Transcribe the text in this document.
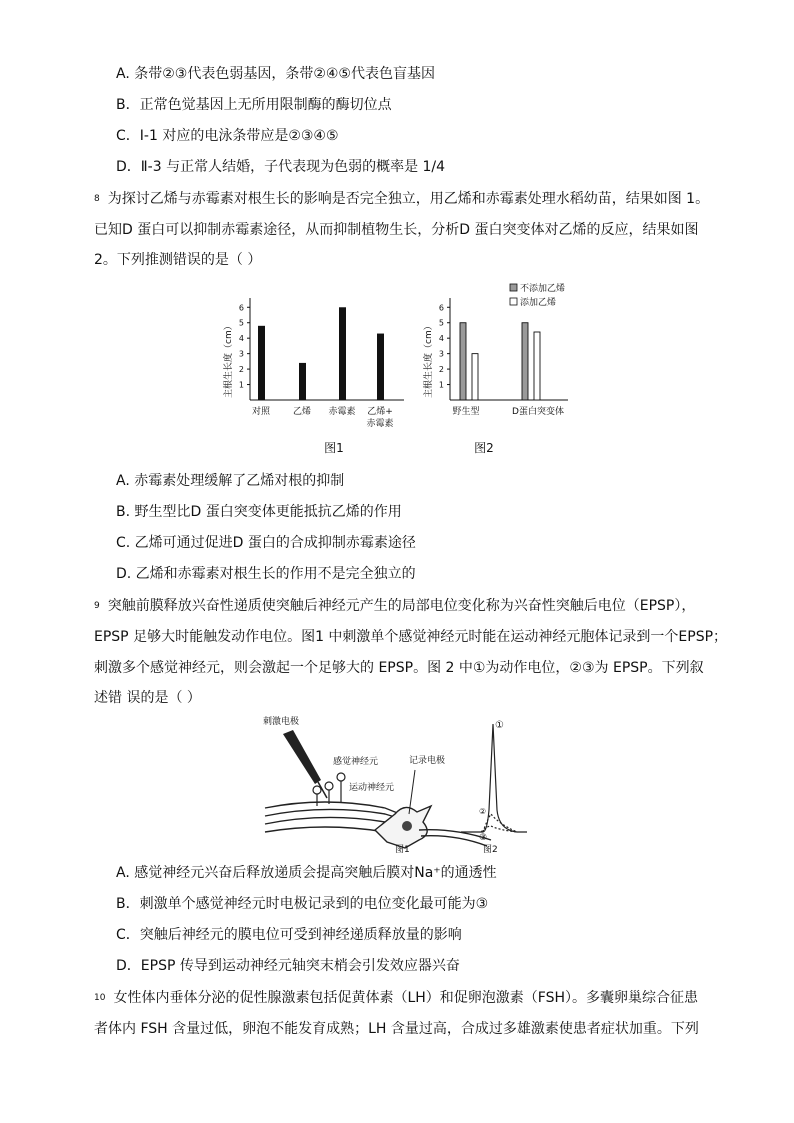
A. 条带②③代表色弱基因，条带②④⑤代表色盲基因
B．正常色觉基因上无所用限制酶的酶切位点
C．Ⅰ-1 对应的电泳条带应是②③④⑤
D．Ⅱ-3 与正常人结婚，子代表现为色弱的概率是 1/4
$^8$ 为探讨乙烯与赤霉素对根生长的影响是否完全独立，用乙烯和赤霉素处理水稻幼苗，结果如图 1。
已知D 蛋白可以抑制赤霉素途径，从而抑制植物生长，分析D 蛋白突变体对乙烯的反应，结果如图
2。下列推测错误的是（ ）
主根生长度（cm） 1
2
3
4
5
6
对照	乙烯 赤霉素 乙烯+
赤霉素
图1
主根生长度（cm）
不添加乙烯
添加乙烯
1
2
3
4
5
6
野生型	D蛋白突变体
图2
A. 赤霉素处理缓解了乙烯对根的抑制
B. 野生型比D 蛋白突变体更能抵抗乙烯的作用
C. 乙烯可通过促进D 蛋白的合成抑制赤霉素途径
D. 乙烯和赤霉素对根生长的作用不是完全独立的
$^9$ 突触前膜释放兴奋性递质使突触后神经元产生的局部电位变化称为兴奋性突触后电位（EPSP），
EPSP 足够大时能触发动作电位。图1 中刺激单个感觉神经元时能在运动神经元胞体记录到一个EPSP；
刺激多个感觉神经元，则会激起一个足够大的 EPSP。图 2 中①为动作电位，②③为 EPSP。下列叙
述错 误的是（ ）
刺激电极
感觉神经元	记录电极
运动神经元
图1
①
②
③
图2
A. 感觉神经元兴奋后释放递质会提高突触后膜对Na⁺的通透性
B．刺激单个感觉神经元时电极记录到的电位变化最可能为③
C．突触后神经元的膜电位可受到神经递质释放量的影响
D．EPSP 传导到运动神经元轴突末梢会引发效应器兴奋
$^{10}$ 女性体内垂体分泌的促性腺激素包括促黄体素（LH）和促卵泡激素（FSH）。多囊卵巢综合征患
者体内 FSH 含量过低，卵泡不能发育成熟；LH 含量过高，合成过多雄激素使患者症状加重。下列
